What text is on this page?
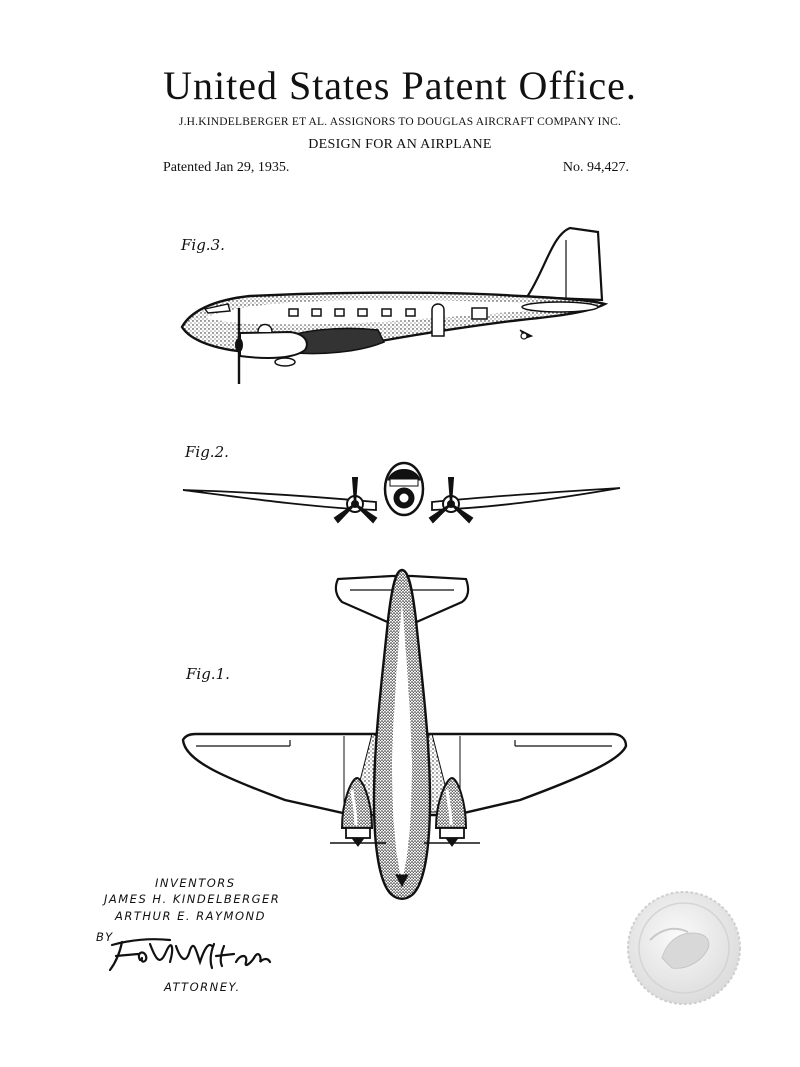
United States Patent Office.
J.H.KINDELBERGER ET AL. ASSIGNORS TO DOUGLAS AIRCRAFT COMPANY INC.
DESIGN FOR AN AIRPLANE
Patented Jan 29, 1935.	No. 94,427.
Fig.3.
Fig.2.
Fig.1.
INVENTORS
JAMES H. KINDELBERGER
ARTHUR E. RAYMOND
BY
ATTORNEY.
